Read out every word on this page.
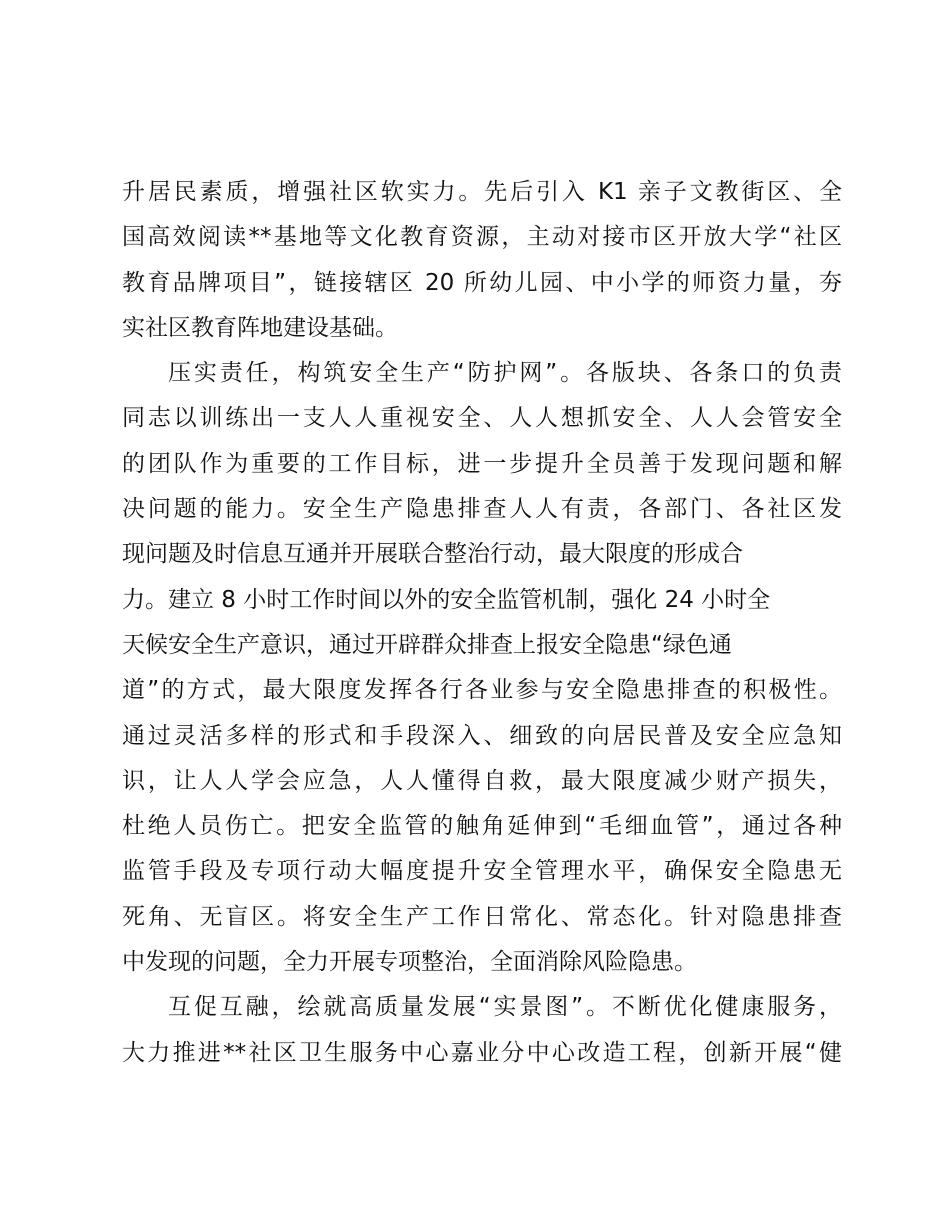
升居民素质，增强社区软实力。先后引入 K1 亲子文教街区、全
国高效阅读**基地等文化教育资源，主动对接市区开放大学“社区
教育品牌项目”，链接辖区 20 所幼儿园、中小学的师资力量，夯
实社区教育阵地建设基础。
压实责任，构筑安全生产“防护网”。各版块、各条口的负责
同志以训练出一支人人重视安全、人人想抓安全、人人会管安全
的团队作为重要的工作目标，进一步提升全员善于发现问题和解
决问题的能力。安全生产隐患排查人人有责，各部门、各社区发
现问题及时信息互通并开展联合整治行动，最大限度的形成合
力。建立 8 小时工作时间以外的安全监管机制，强化 24 小时全
天候安全生产意识，通过开辟群众排查上报安全隐患“绿色通
道”的方式，最大限度发挥各行各业参与安全隐患排查的积极性。
通过灵活多样的形式和手段深入、细致的向居民普及安全应急知
识，让人人学会应急，人人懂得自救，最大限度减少财产损失，
杜绝人员伤亡。把安全监管的触角延伸到“毛细血管”，通过各种
监管手段及专项行动大幅度提升安全管理水平，确保安全隐患无
死角、无盲区。将安全生产工作日常化、常态化。针对隐患排查
中发现的问题，全力开展专项整治，全面消除风险隐患。
互促互融，绘就高质量发展“实景图”。不断优化健康服务，
大力推进**社区卫生服务中心嘉业分中心改造工程，创新开展“健
